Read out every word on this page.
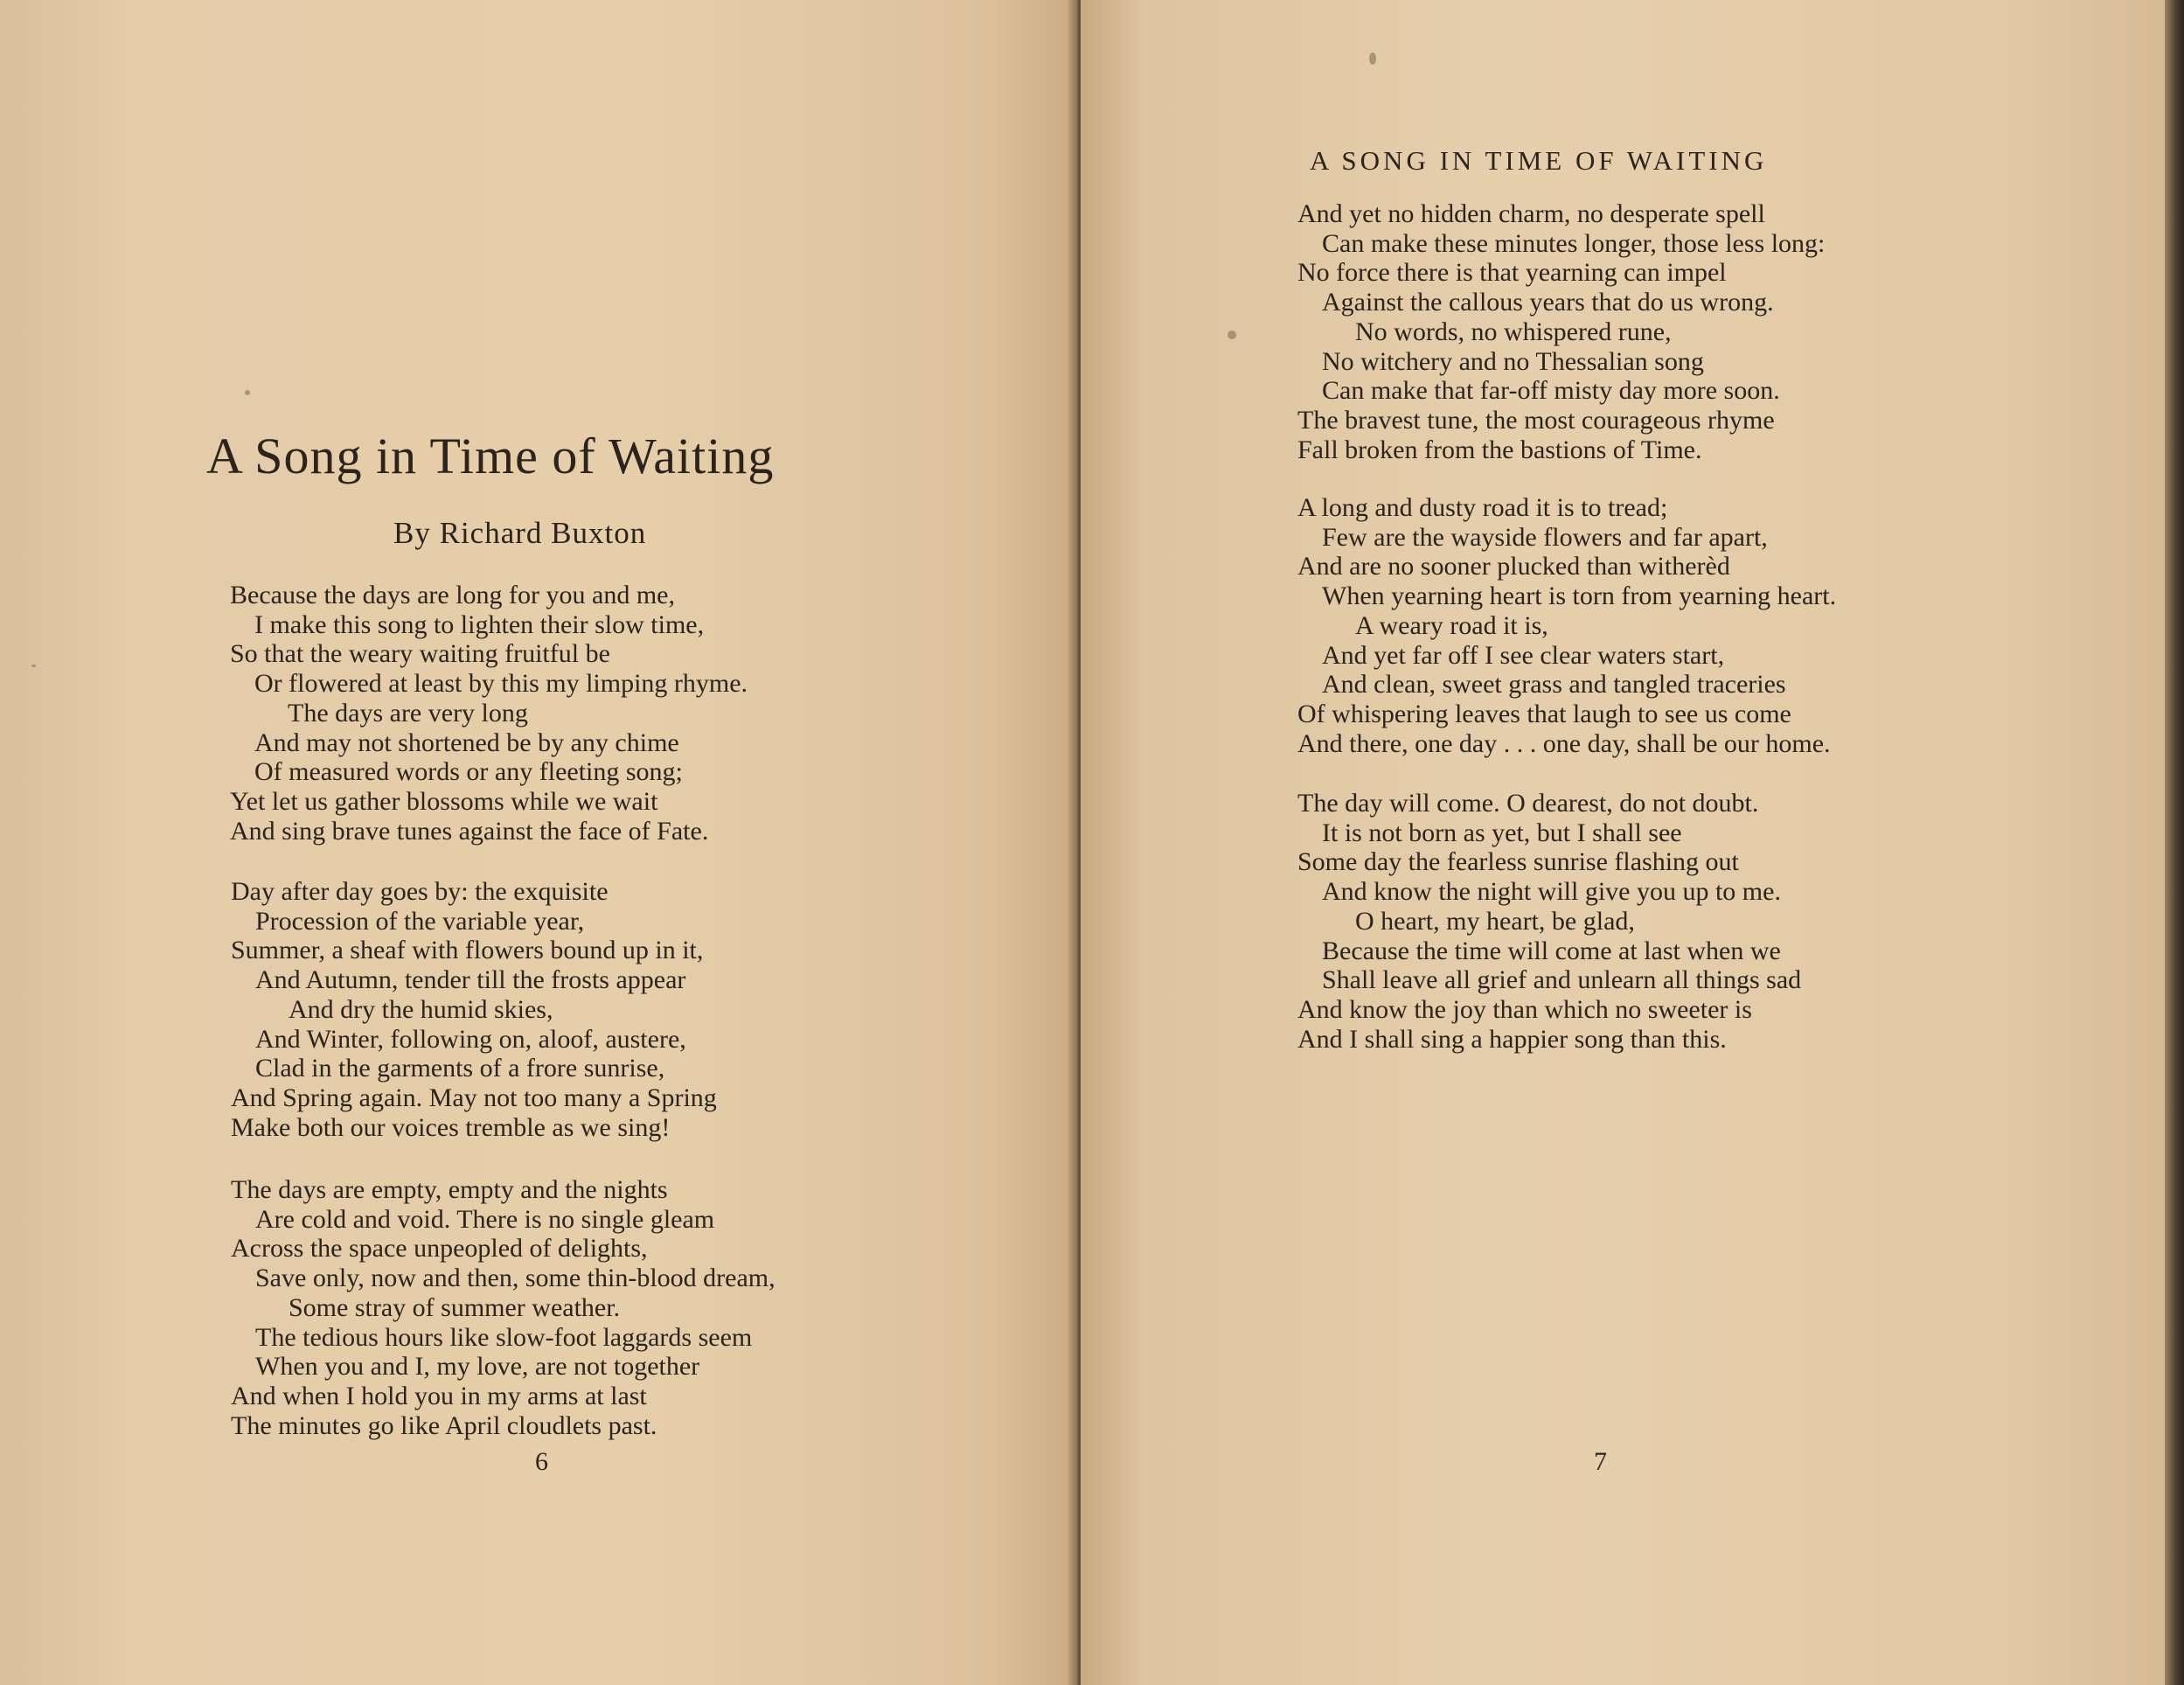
A Song in Time of Waiting

By Richard Buxton

Because the days are long for you and me,
I make this song to lighten their slow time,
So that the weary waiting fruitful be
Or flowered at least by this my limping rhyme.
The days are very long
And may not shortened be by any chime
Of measured words or any fleeting song;
Yet let us gather blossoms while we wait
And sing brave tunes against the face of Fate.
Day after day goes by: the exquisite
Procession of the variable year,
Summer, a sheaf with flowers bound up in it,
And Autumn, tender till the frosts appear
And dry the humid skies,
And Winter, following on, aloof, austere,
Clad in the garments of a frore sunrise,
And Spring again. May not too many a Spring
Make both our voices tremble as we sing!
The days are empty, empty and the nights
Are cold and void. There is no single gleam
Across the space unpeopled of delights,
Save only, now and then, some thin-blood dream,
Some stray of summer weather.
The tedious hours like slow-foot laggards seem
When you and I, my love, are not together
And when I hold you in my arms at last
The minutes go like April cloudlets past.

6

A SONG IN TIME OF WAITING
And yet no hidden charm, no desperate spell
Can make these minutes longer, those less long:
No force there is that yearning can impel
Against the callous years that do us wrong.
No words, no whispered rune,
No witchery and no Thessalian song
Can make that far-off misty day more soon.
The bravest tune, the most courageous rhyme
Fall broken from the bastions of Time.
A long and dusty road it is to tread;
Few are the wayside flowers and far apart,
And are no sooner plucked than witherèd
When yearning heart is torn from yearning heart.
A weary road it is,
And yet far off I see clear waters start,
And clean, sweet grass and tangled traceries
Of whispering leaves that laugh to see us come
And there, one day . . . one day, shall be our home.
The day will come. O dearest, do not doubt.
It is not born as yet, but I shall see
Some day the fearless sunrise flashing out
And know the night will give you up to me.
O heart, my heart, be glad,
Because the time will come at last when we
Shall leave all grief and unlearn all things sad
And know the joy than which no sweeter is
And I shall sing a happier song than this.

7
